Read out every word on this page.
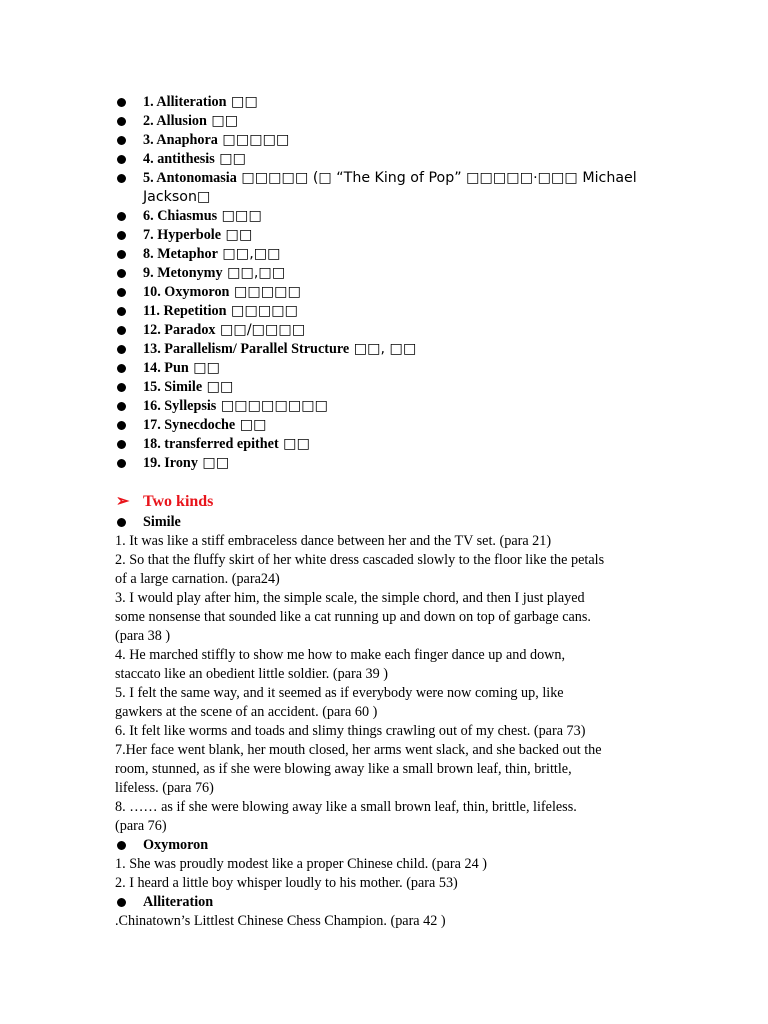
1. Alliteration □□
2. Allusion □□
3. Anaphora □□□□□
4. antithesis □□
5. Antonomasia □□□□□ (□ “The King of Pop” □□□□□·□□□ Michael Jackson□
6. Chiasmus □□□
7. Hyperbole □□
8. Metaphor □□,□□
9. Metonymy □□,□□
10. Oxymoron □□□□□
11. Repetition □□□□□
12. Paradox □□/□□□□
13. Parallelism/ Parallel Structure □□, □□
14. Pun □□
15. Simile □□
16. Syllepsis □□□□□□□□
17. Synecdoche □□
18. transferred epithet □□
19. Irony □□
➢ Two kinds
Simile

1. It was like a stiff embraceless dance between her and the TV set. (para 21)

2. So that the fluffy skirt of her white dress cascaded slowly to the floor like the petals

of a large carnation. (para24)

3. I would play after him, the simple scale, the simple chord, and then I just played

some nonsense that sounded like a cat running up and down on top of garbage cans.

(para 38 )

4. He marched stiffly to show me how to make each finger dance up and down,

staccato like an obedient little soldier. (para 39 )

5. I felt the same way, and it seemed as if everybody were now coming up, like

gawkers at the scene of an accident. (para 60 )

6. It felt like worms and toads and slimy things crawling out of my chest. (para 73)

7.Her face went blank, her mouth closed, her arms went slack, and she backed out the

room, stunned, as if she were blowing away like a small brown leaf, thin, brittle,

lifeless. (para 76)

8. …… as if she were blowing away like a small brown leaf, thin, brittle, lifeless.

(para 76)

Oxymoron

1. She was proudly modest like a proper Chinese child. (para 24 )

2. I heard a little boy whisper loudly to his mother. (para 53)

Alliteration

.Chinatown’s Littlest Chinese Chess Champion. (para 42 )
